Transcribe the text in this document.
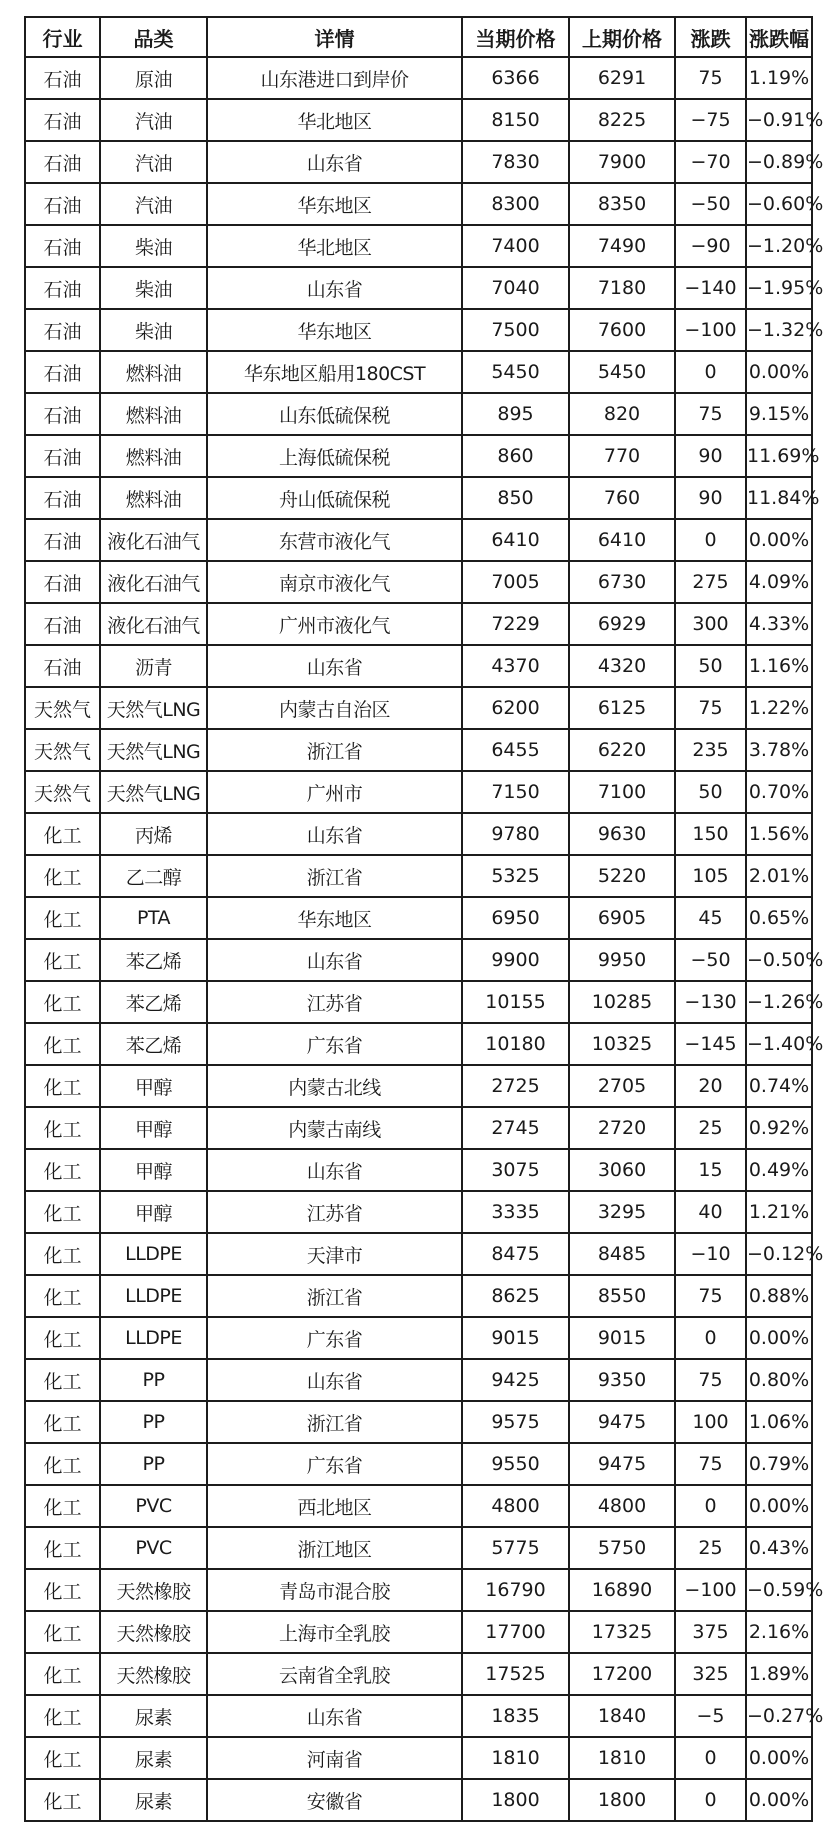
行业	品类	详情	当期价格	上期价格	涨跌	涨跌幅
石油	原油	山东港进口到岸价	6366	6291	75	1.19%
石油	汽油	华北地区	8150	8225	−75	−0.91%
石油	汽油	山东省	7830	7900	−70	−0.89%
石油	汽油	华东地区	8300	8350	−50	−0.60%
石油	柴油	华北地区	7400	7490	−90	−1.20%
石油	柴油	山东省	7040	7180	−140	−1.95%
石油	柴油	华东地区	7500	7600	−100	−1.32%
石油	燃料油	华东地区船用180CST	5450	5450	0	0.00%
石油	燃料油	山东低硫保税	895	820	75	9.15%
石油	燃料油	上海低硫保税	860	770	90	11.69%
石油	燃料油	舟山低硫保税	850	760	90	11.84%
石油	液化石油气	东营市液化气	6410	6410	0	0.00%
石油	液化石油气	南京市液化气	7005	6730	275	4.09%
石油	液化石油气	广州市液化气	7229	6929	300	4.33%
石油	沥青	山东省	4370	4320	50	1.16%
天然气	天然气LNG	内蒙古自治区	6200	6125	75	1.22%
天然气	天然气LNG	浙江省	6455	6220	235	3.78%
天然气	天然气LNG	广州市	7150	7100	50	0.70%
化工	丙烯	山东省	9780	9630	150	1.56%
化工	乙二醇	浙江省	5325	5220	105	2.01%
化工	PTA	华东地区	6950	6905	45	0.65%
化工	苯乙烯	山东省	9900	9950	−50	−0.50%
化工	苯乙烯	江苏省	10155	10285	−130	−1.26%
化工	苯乙烯	广东省	10180	10325	−145	−1.40%
化工	甲醇	内蒙古北线	2725	2705	20	0.74%
化工	甲醇	内蒙古南线	2745	2720	25	0.92%
化工	甲醇	山东省	3075	3060	15	0.49%
化工	甲醇	江苏省	3335	3295	40	1.21%
化工	LLDPE	天津市	8475	8485	−10	−0.12%
化工	LLDPE	浙江省	8625	8550	75	0.88%
化工	LLDPE	广东省	9015	9015	0	0.00%
化工	PP	山东省	9425	9350	75	0.80%
化工	PP	浙江省	9575	9475	100	1.06%
化工	PP	广东省	9550	9475	75	0.79%
化工	PVC	西北地区	4800	4800	0	0.00%
化工	PVC	浙江地区	5775	5750	25	0.43%
化工	天然橡胶	青岛市混合胶	16790	16890	−100	−0.59%
化工	天然橡胶	上海市全乳胶	17700	17325	375	2.16%
化工	天然橡胶	云南省全乳胶	17525	17200	325	1.89%
化工	尿素	山东省	1835	1840	−5	−0.27%
化工	尿素	河南省	1810	1810	0	0.00%
化工	尿素	安徽省	1800	1800	0	0.00%
